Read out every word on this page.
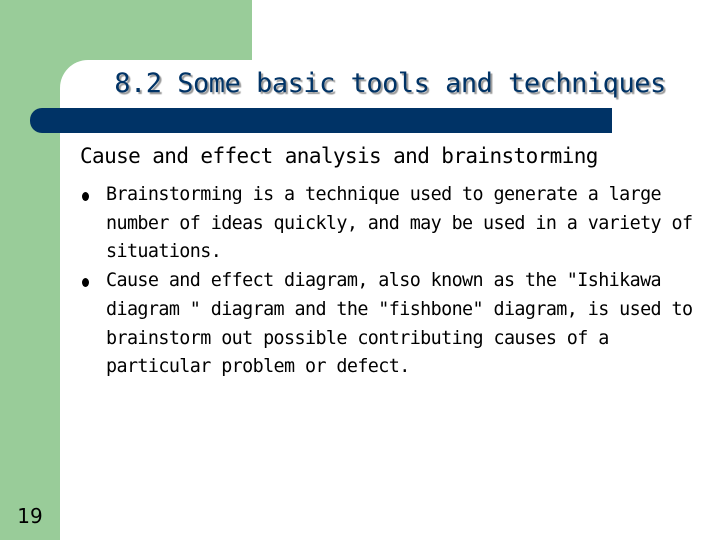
8.2 Some basic tools and techniques

Cause and effect analysis and brainstorming

Brainstorming is a technique used to generate a large number of ideas quickly, and may be used in a variety of situations.
Cause and effect diagram, also known as the "Ishikawa diagram " diagram and the "fishbone" diagram, is used to brainstorm out possible contributing causes of a particular problem or defect.
19
